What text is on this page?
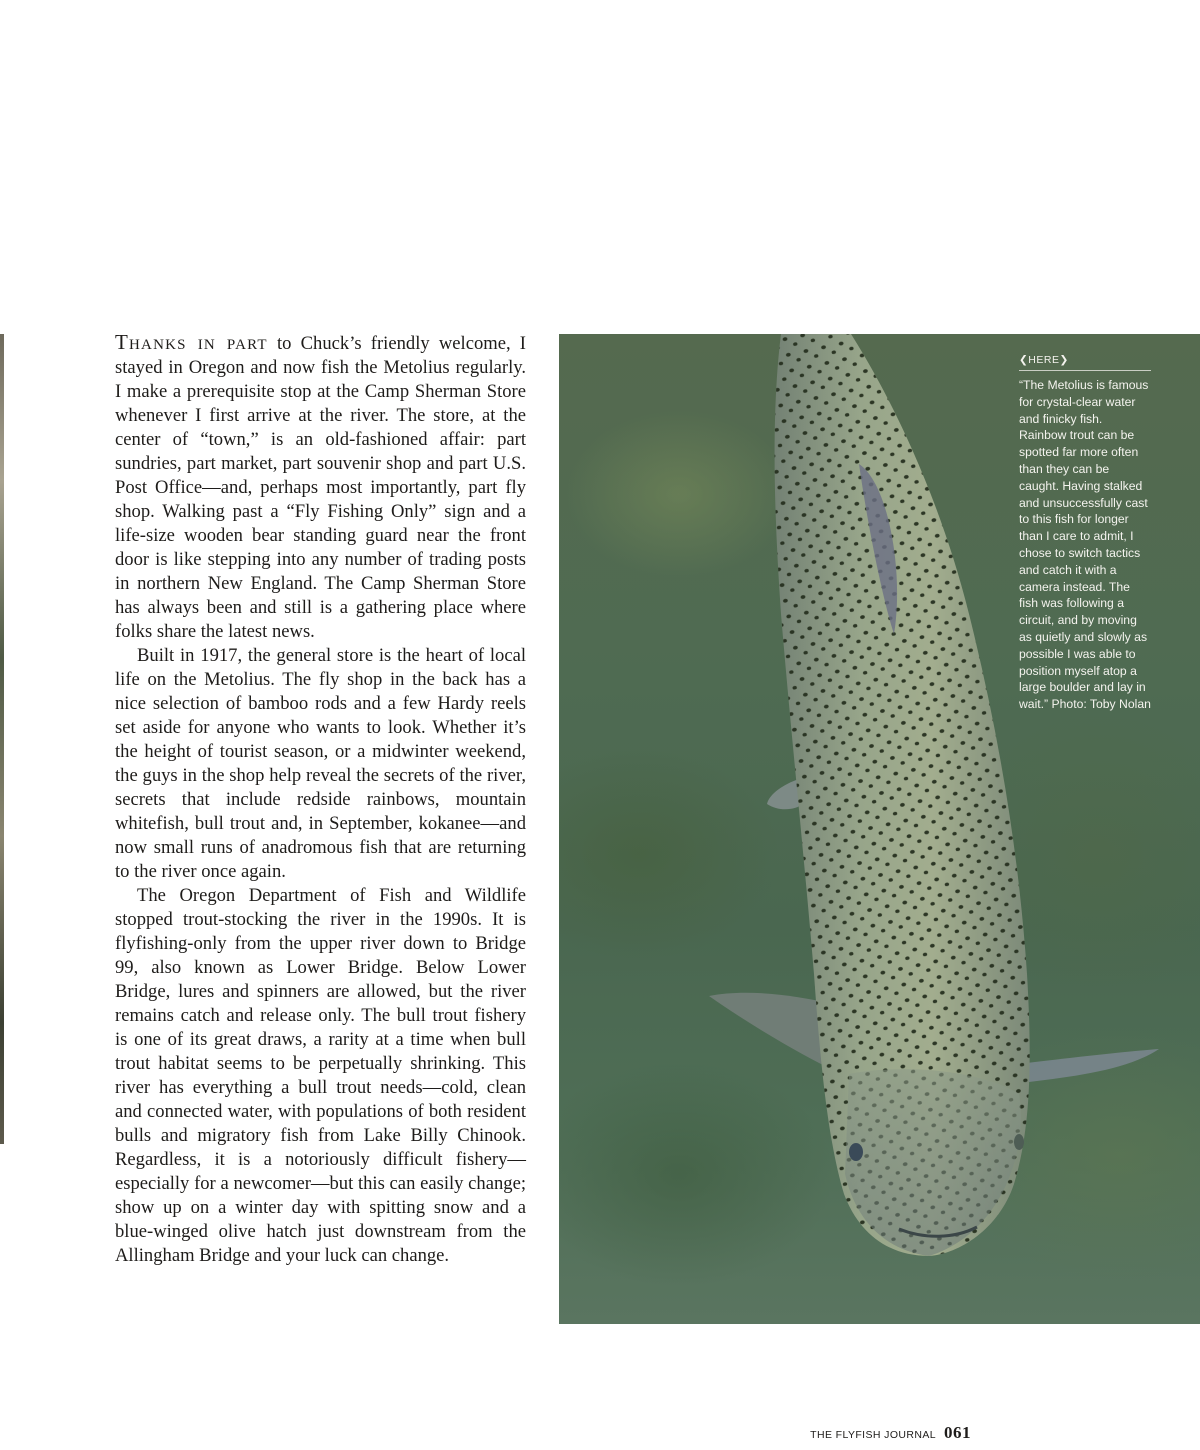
Thanks in part to Chuck’s friendly welcome, I stayed in Oregon and now fish the Metolius regularly. I make a prerequisite stop at the Camp Sherman Store whenever I first arrive at the river. The store, at the center of “town,” is an old-fashioned affair: part sundries, part market, part souvenir shop and part U.S. Post Office—and, perhaps most importantly, part fly shop. Walking past a “Fly Fishing Only” sign and a life-size wooden bear standing guard near the front door is like stepping into any number of trading posts in northern New England. The Camp Sherman Store has always been and still is a gathering place where folks share the latest news.

Built in 1917, the general store is the heart of local life on the Metolius. The fly shop in the back has a nice selection of bamboo rods and a few Hardy reels set aside for anyone who wants to look. Whether it’s the height of tourist season, or a midwinter weekend, the guys in the shop help reveal the secrets of the river, secrets that include redside rainbows, mountain whitefish, bull trout and, in September, kokanee—and now small runs of anadromous fish that are returning to the river once again.

The Oregon Department of Fish and Wildlife stopped trout-stocking the river in the 1990s. It is flyfishing-only from the upper river down to Bridge 99, also known as Lower Bridge. Below Lower Bridge, lures and spinners are allowed, but the river remains catch and release only. The bull trout fishery is one of its great draws, a rarity at a time when bull trout habitat seems to be perpetually shrinking. This river has everything a bull trout needs—cold, clean and connected water, with populations of both resident bulls and migratory fish from Lake Billy Chinook. Regardless, it is a notoriously difficult fishery—especially for a newcomer—but this can easily change; show up on a winter day with spitting snow and a blue-winged olive hatch just downstream from the Allingham Bridge and your luck can change.

❮HERE❯

“The Metolius is famous for crystal-clear water and finicky fish. Rainbow trout can be spotted far more often than they can be caught. Having stalked and unsuccessfully cast to this fish for longer than I care to admit, I chose to switch tactics and catch it with a camera instead. The fish was following a circuit, and by moving as quietly and slowly as possible I was able to position myself atop a large boulder and lay in wait.” Photo: Toby Nolan

THE FLYFISH JOURNAL 061
